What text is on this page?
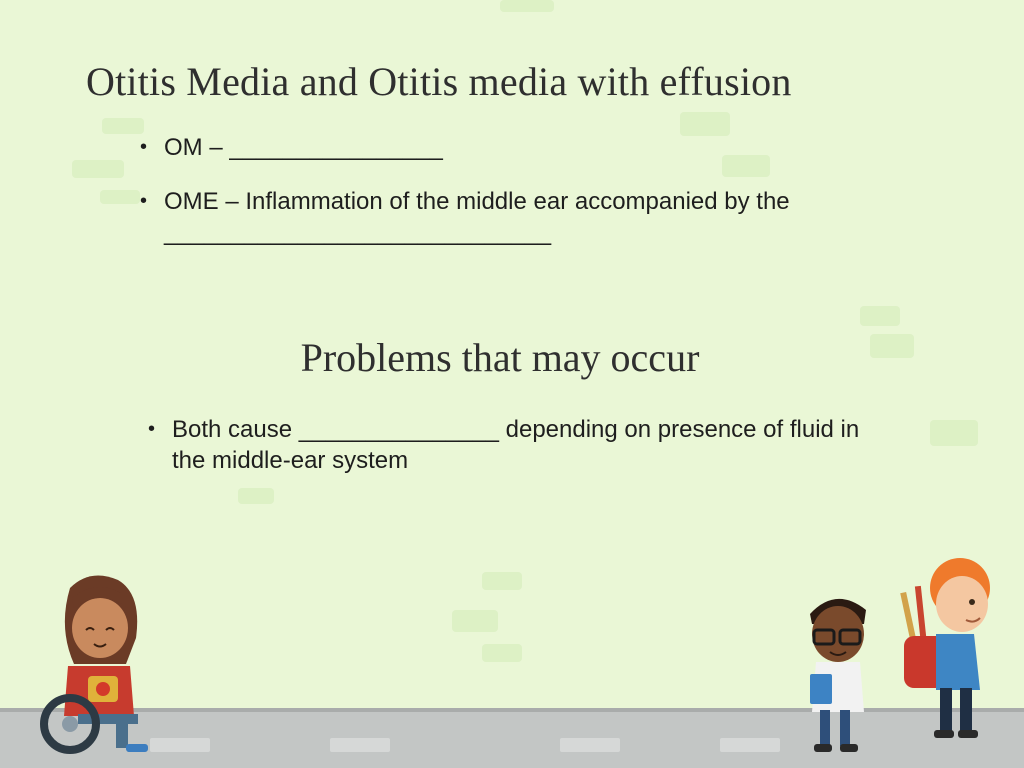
Otitis Media and Otitis media with effusion
• OM – ________________
• OME – Inflammation of the middle ear accompanied by the _____________________________
Problems that may occur
• Both cause _______________ depending on presence of fluid in the middle-ear system
